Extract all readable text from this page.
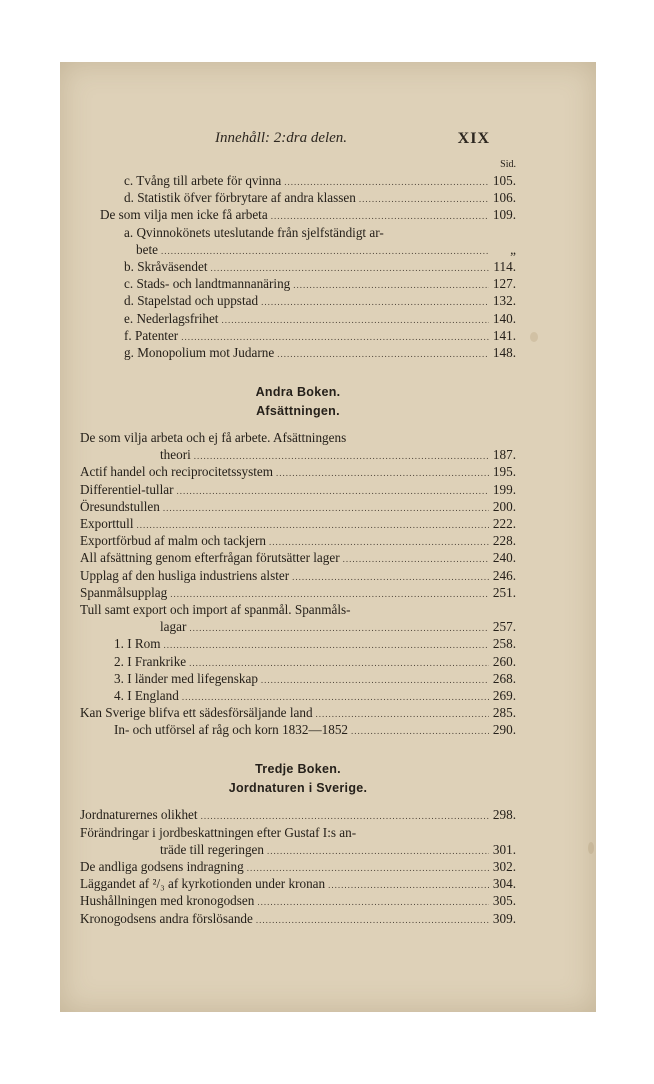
Innehåll: 2:dra delen.	XIX
Sid.
c. Tvång till arbete för qvinna .....	105.
d. Statistik öfver förbrytare af andra klassen .....	106.
De som vilja men icke få arbeta .....	109.
a. Qvinnokönets uteslutande från sjelfständigt ar-
bete .....	„
b. Skråväsendet .....	114.
c. Stads- och landtmannanäring .....	127.
d. Stapelstad och uppstad .....	132.
e. Nederlagsfrihet .....	140.
f. Patenter .....	141.
g. Monopolium mot Judarne .....	148.
Andra Boken.
Afsättningen.
De som vilja arbeta och ej få arbete. Afsättningens
theori .....	187.
Actif handel och reciprocitetssystem .....	195.
Differentiel-tullar .....	199.
Öresundstullen .....	200.
Exporttull .....	222.
Exportförbud af malm och tackjern .....	228.
All afsättning genom efterfrågan förutsätter lager .....	240.
Upplag af den husliga industriens alster .....	246.
Spanmålsupplag .....	251.
Tull samt export och import af spanmål. Spanmåls-
lagar .....	257.
1. I Rom .....	258.
2. I Frankrike .....	260.
3. I länder med lifegenskap .....	268.
4. I England .....	269.
Kan Sverige blifva ett sädesförsäljande land .....	285.
In- och utförsel af råg och korn 1832—1852 .....	290.
Tredje Boken.
Jordnaturen i Sverige.
Jordnaturernes olikhet .....	298.
Förändringar i jordbeskattningen efter Gustaf I:s an-
träde till regeringen .....	301.
De andliga godsens indragning .....	302.
Läggandet af ²/₃ af kyrkotionden under kronan .....	304.
Hushållningen med kronogodsen .....	305.
Kronogodsens andra förslösande .....	309.
